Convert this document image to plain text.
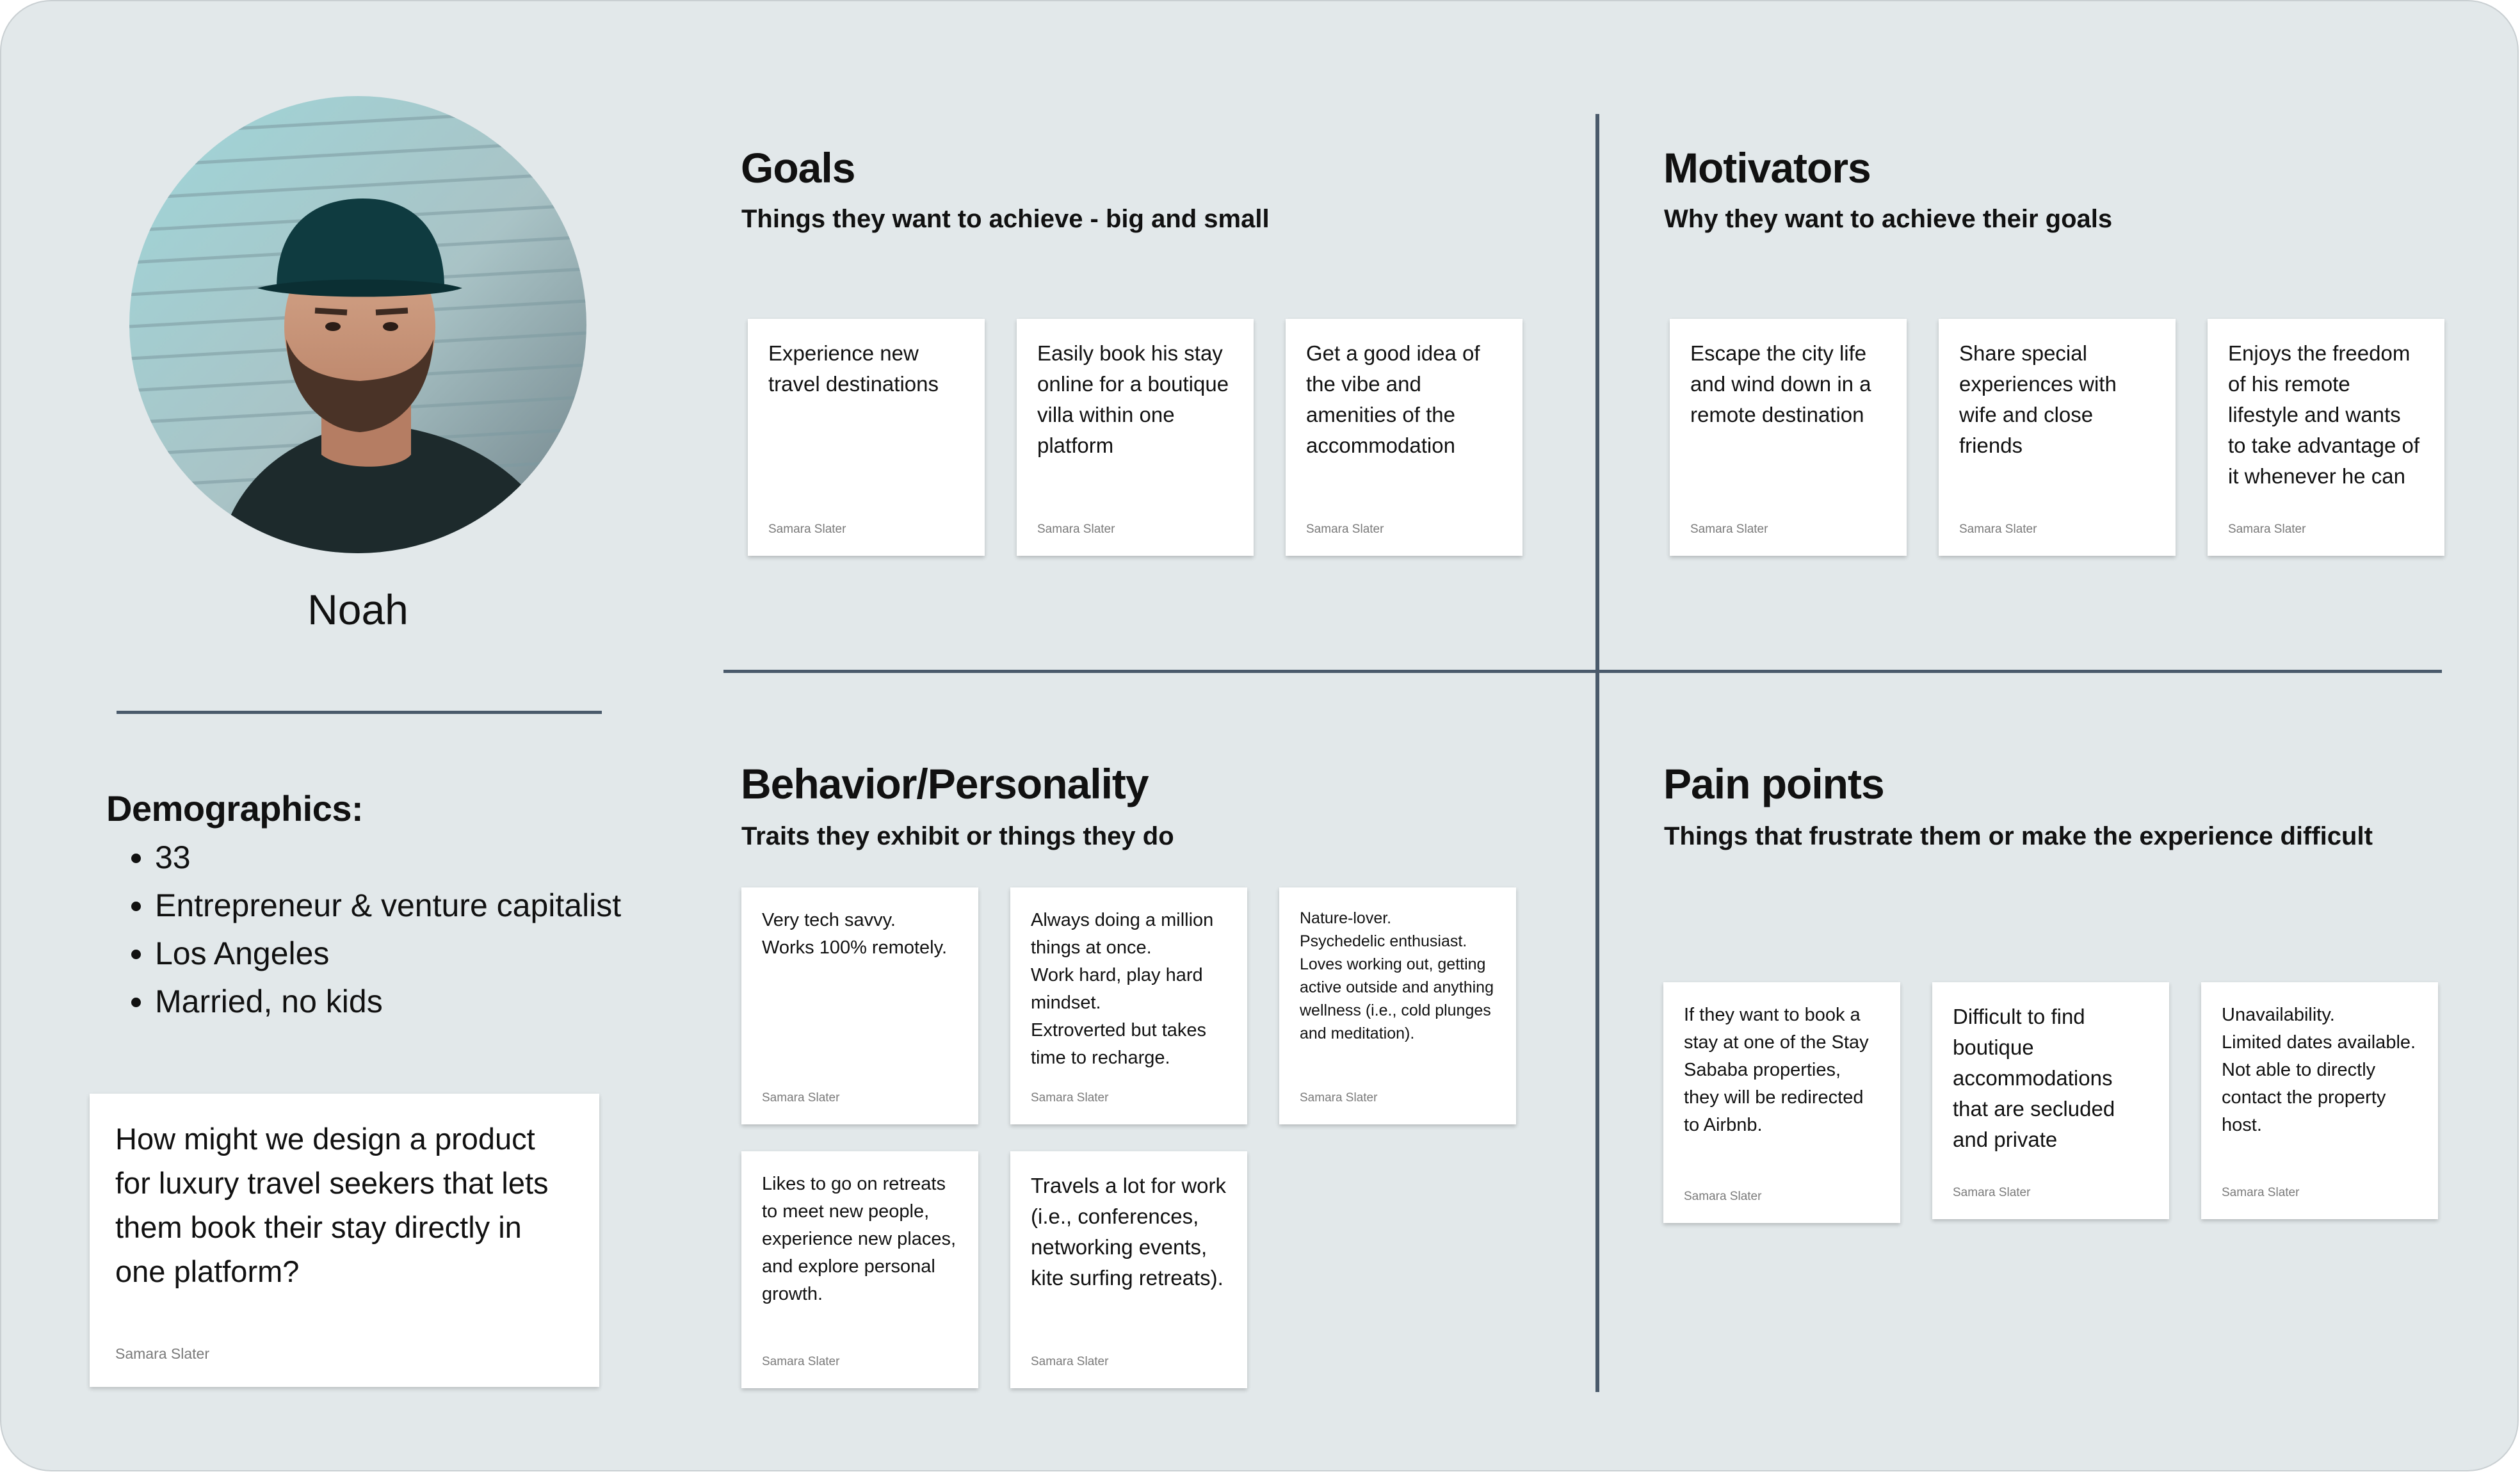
Noah
Demographics:
• 33
• Entrepreneur & venture capitalist
• Los Angeles
• Married, no kids
How might we design a product for luxury travel seekers that lets them book their stay directly in one platform?
Samara Slater
Goals
Things they want to achieve - big and small
Experience new travel destinations
Samara Slater
Easily book his stay online for a boutique villa within one platform
Samara Slater
Get a good idea of the vibe and amenities of the accommodation
Samara Slater
Motivators
Why they want to achieve their goals
Escape the city life and wind down in a remote destination
Samara Slater
Share special experiences with wife and close friends
Samara Slater
Enjoys the freedom of his remote lifestyle and wants to take advantage of it whenever he can
Samara Slater
Behavior/Personality
Traits they exhibit or things they do
Very tech savvy.
Works 100% remotely.
Samara Slater
Always doing a million things at once.
Work hard, play hard mindset.
Extroverted but takes time to recharge.
Samara Slater
Nature-lover.
Psychedelic enthusiast.
Loves working out, getting active outside and anything wellness (i.e., cold plunges and meditation).
Samara Slater
Likes to go on retreats to meet new people, experience new places, and explore personal growth.
Samara Slater
Travels a lot for work (i.e., conferences, networking events, kite surfing retreats).
Samara Slater
Pain points
Things that frustrate them or make the experience difficult
If they want to book a stay at one of the Stay Sababa properties, they will be redirected to Airbnb.
Samara Slater
Difficult to find boutique accommodations that are secluded and private
Samara Slater
Unavailability.
Limited dates available.
Not able to directly contact the property host.
Samara Slater
